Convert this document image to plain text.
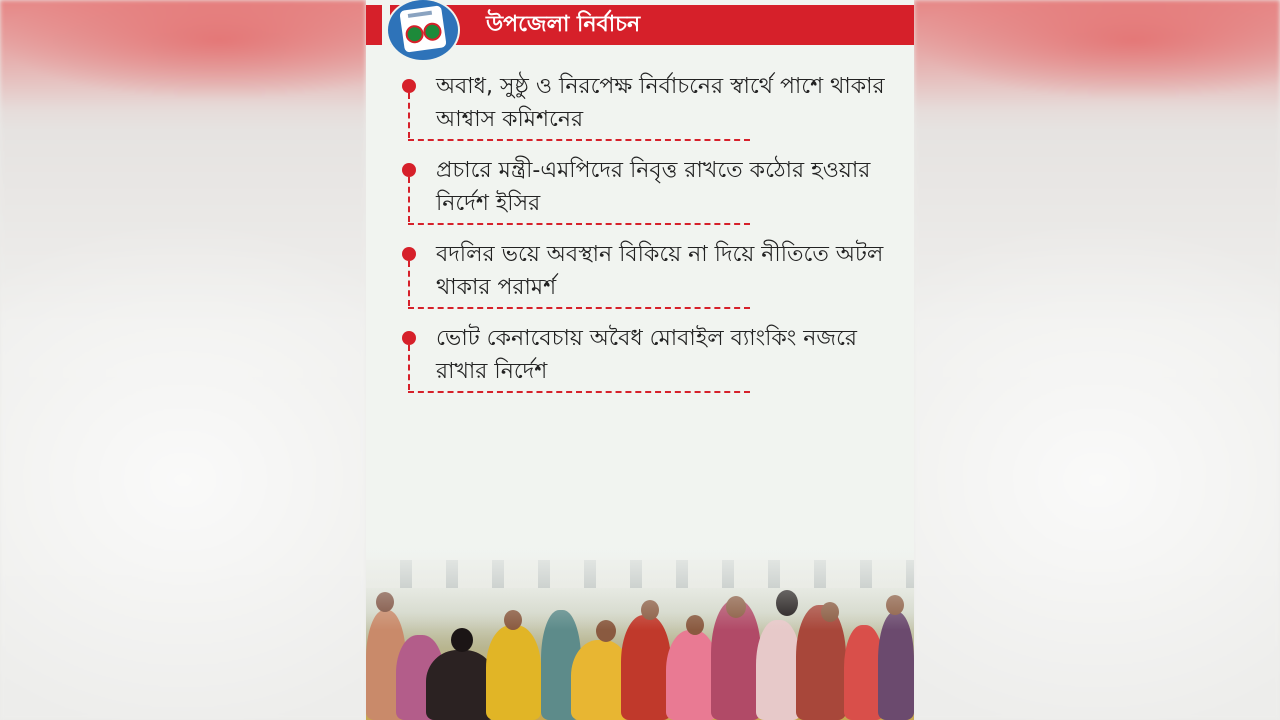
উপজেলা নির্বাচন
অবাধ, সুষ্ঠু ও নিরপেক্ষ নির্বাচনের স্বার্থে পাশে থাকার আশ্বাস কমিশনের
প্রচারে মন্ত্রী-এমপিদের নিবৃত্ত রাখতে কঠোর হওয়ার নির্দেশ ইসির
বদলির ভয়ে অবস্থান বিকিয়ে না দিয়ে নীতিতে অটল থাকার পরামর্শ
ভোট কেনাবেচায় অবৈধ মোবাইল ব্যাংকিং নজরে রাখার নির্দেশ
